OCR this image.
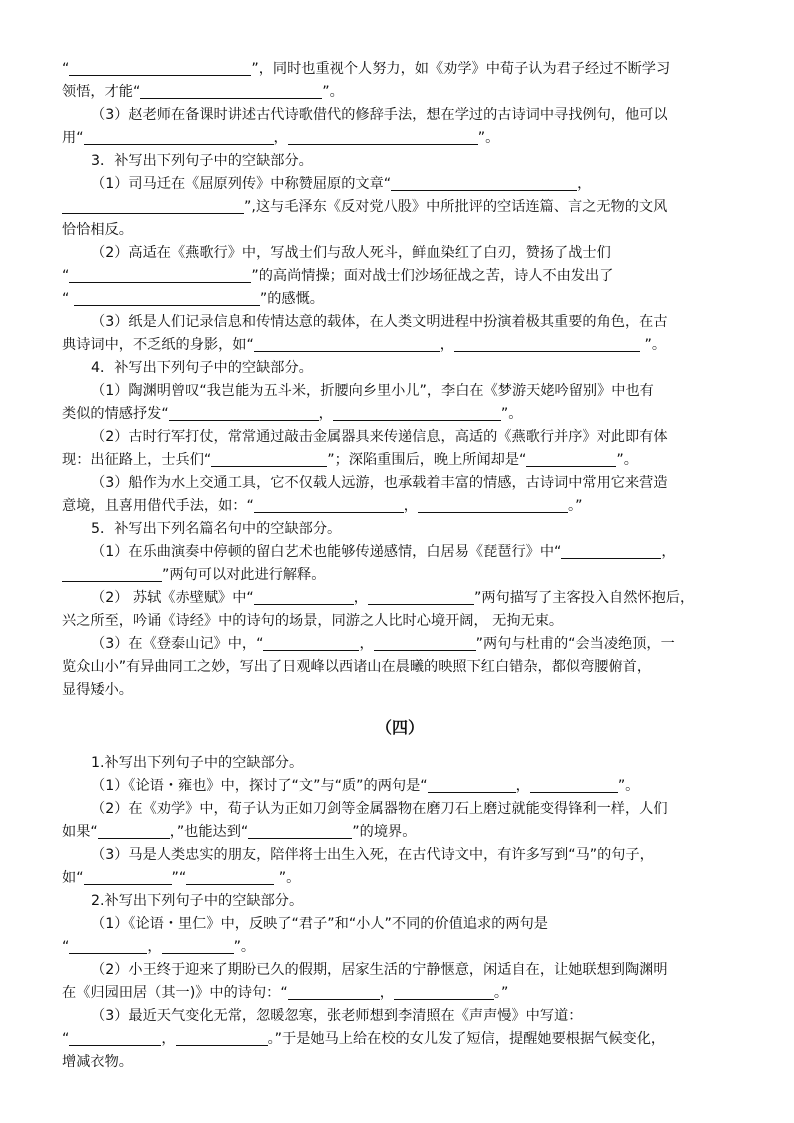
“	”，同时也重视个人努力，如《劝学》中荀子认为君子经过不断学习

领悟，才能“	”。

（3）赵老师在备课时讲述古代诗歌借代的修辞手法，想在学过的古诗词中寻找例句，他可以

用“	，	”。

3．补写出下列句子中的空缺部分。

（1）司马迁在《屈原列传》中称赞屈原的文章“	，

”,这与毛泽东《反对党八股》中所批评的空话连篇、言之无物的文风

恰恰相反。

（2）高适在《燕歌行》中，写战士们与敌人死斗，鲜血染红了白刃，赞扬了战士们

“	”的高尚情操；面对战士们沙场征战之苦，诗人不由发出了

“	”的感慨。

（3）纸是人们记录信息和传情达意的载体，在人类文明进程中扮演着极其重要的角色，在古

典诗词中，不乏纸的身影，如“	，	”。

4．补写出下列句子中的空缺部分。

（1）陶渊明曾叹“我岂能为五斗米，折腰向乡里小儿”，李白在《梦游天姥吟留别》中也有

类似的情感抒发“	，	”。

（2）古时行军打仗，常常通过敲击金属器具来传递信息，高适的《燕歌行并序》对此即有体

现：出征路上，士兵们“	”；深陷重围后，晚上所闻却是“	”。

（3）船作为水上交通工具，它不仅载人远游，也承载着丰富的情感，古诗词中常用它来营造

意境，且喜用借代手法，如：“	，	。”

5．补写出下列名篇名句中的空缺部分。

（1）在乐曲演奏中停顿的留白艺术也能够传递感情，白居易《琵琶行》中“	，

”两句可以对此进行解释。

（2） 苏轼《赤壁赋》中“	，	”两句描写了主客投入自然怀抱后，

兴之所至，吟诵《诗经》中的诗句的场景，同游之人比时心境开阔， 无拘无束。

（3）在《登泰山记》中，“	，	”两句与杜甫的“会当凌绝顶，一

览众山小”有异曲同工之妙，写出了日观峰以西诸山在晨曦的映照下红白错杂，都似弯腰俯首，

显得矮小。

（四）

1.补写出下列句子中的空缺部分。

（1）《论语・雍也》中，探讨了“文”与“质”的两句是“	，	”。

（2）在《劝学》中，荀子认为正如刀剑等金属器物在磨刀石上磨过就能变得锋利一样，人们

如果“	，”也能达到“	”的境界。

（3）马是人类忠实的朋友，陪伴将士出生入死，在古代诗文中，有许多写到“马”的句子，

如“	”“	”。

2.补写出下列句子中的空缺部分。

（1）《论语・里仁》中，反映了“君子”和“小人”不同的价值追求的两句是

“	，	”。

（2）小王终于迎来了期盼已久的假期，居家生活的宁静惬意，闲适自在，让她联想到陶渊明

在《归园田居（其一)》中的诗句：“	，	。”

（3）最近天气变化无常，忽暖忽寒，张老师想到李清照在《声声慢》中写道：

“	，	。”于是她马上给在校的女儿发了短信，提醒她要根据气候变化，

增减衣物。
